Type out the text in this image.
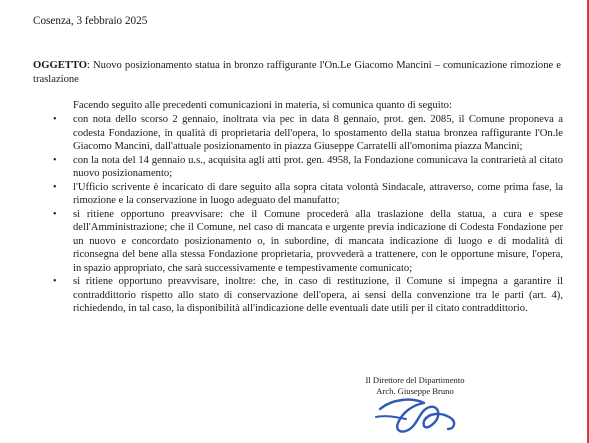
Cosenza, 3 febbraio 2025
OGGETTO: Nuovo posizionamento statua in bronzo raffigurante l'On.Le Giacomo Mancini – comunicazione rimozione e traslazione
Facendo seguito alle precedenti comunicazioni in materia, si comunica quanto di seguito:
• con nota dello scorso 2 gennaio, inoltrata via pec in data 8 gennaio, prot. gen. 2085, il Comune proponeva a codesta Fondazione, in qualità di proprietaria dell'opera, lo spostamento della statua bronzea raffigurante l'On.le Giacomo Mancini, dall'attuale posizionamento in piazza Giuseppe Carratelli all'omonima piazza Mancini;
• con la nota del 14 gennaio u.s., acquisita agli atti prot. gen. 4958, la Fondazione comunicava la contrarietà al citato nuovo posizionamento;
• l'Ufficio scrivente è incaricato di dare seguito alla sopra citata volontà Sindacale, attraverso, come prima fase, la rimozione e la conservazione in luogo adeguato del manufatto;
• si ritiene opportuno preavvisare: che il Comune procederà alla traslazione della statua, a cura e spese dell'Amministrazione; che il Comune, nel caso di mancata e urgente previa indicazione di Codesta Fondazione per un nuovo e concordato posizionamento o, in subordine, di mancata indicazione di luogo e di modalità di riconsegna del bene alla stessa Fondazione proprietaria, provvederà a trattenere, con le opportune misure, l'opera, in spazio appropriato, che sarà successivamente e tempestivamente comunicato;
• si ritiene opportuno preavvisare, inoltre: che, in caso di restituzione, il Comune si impegna a garantire il contraddittorio rispetto allo stato di conservazione dell'opera, ai sensi della convenzione tra le parti (art. 4), richiedendo, in tal caso, la disponibilità all'indicazione delle eventuali date utili per il citato contraddittorio.
Il Direttore del Dipartimento
Arch. Giuseppe Bruno
